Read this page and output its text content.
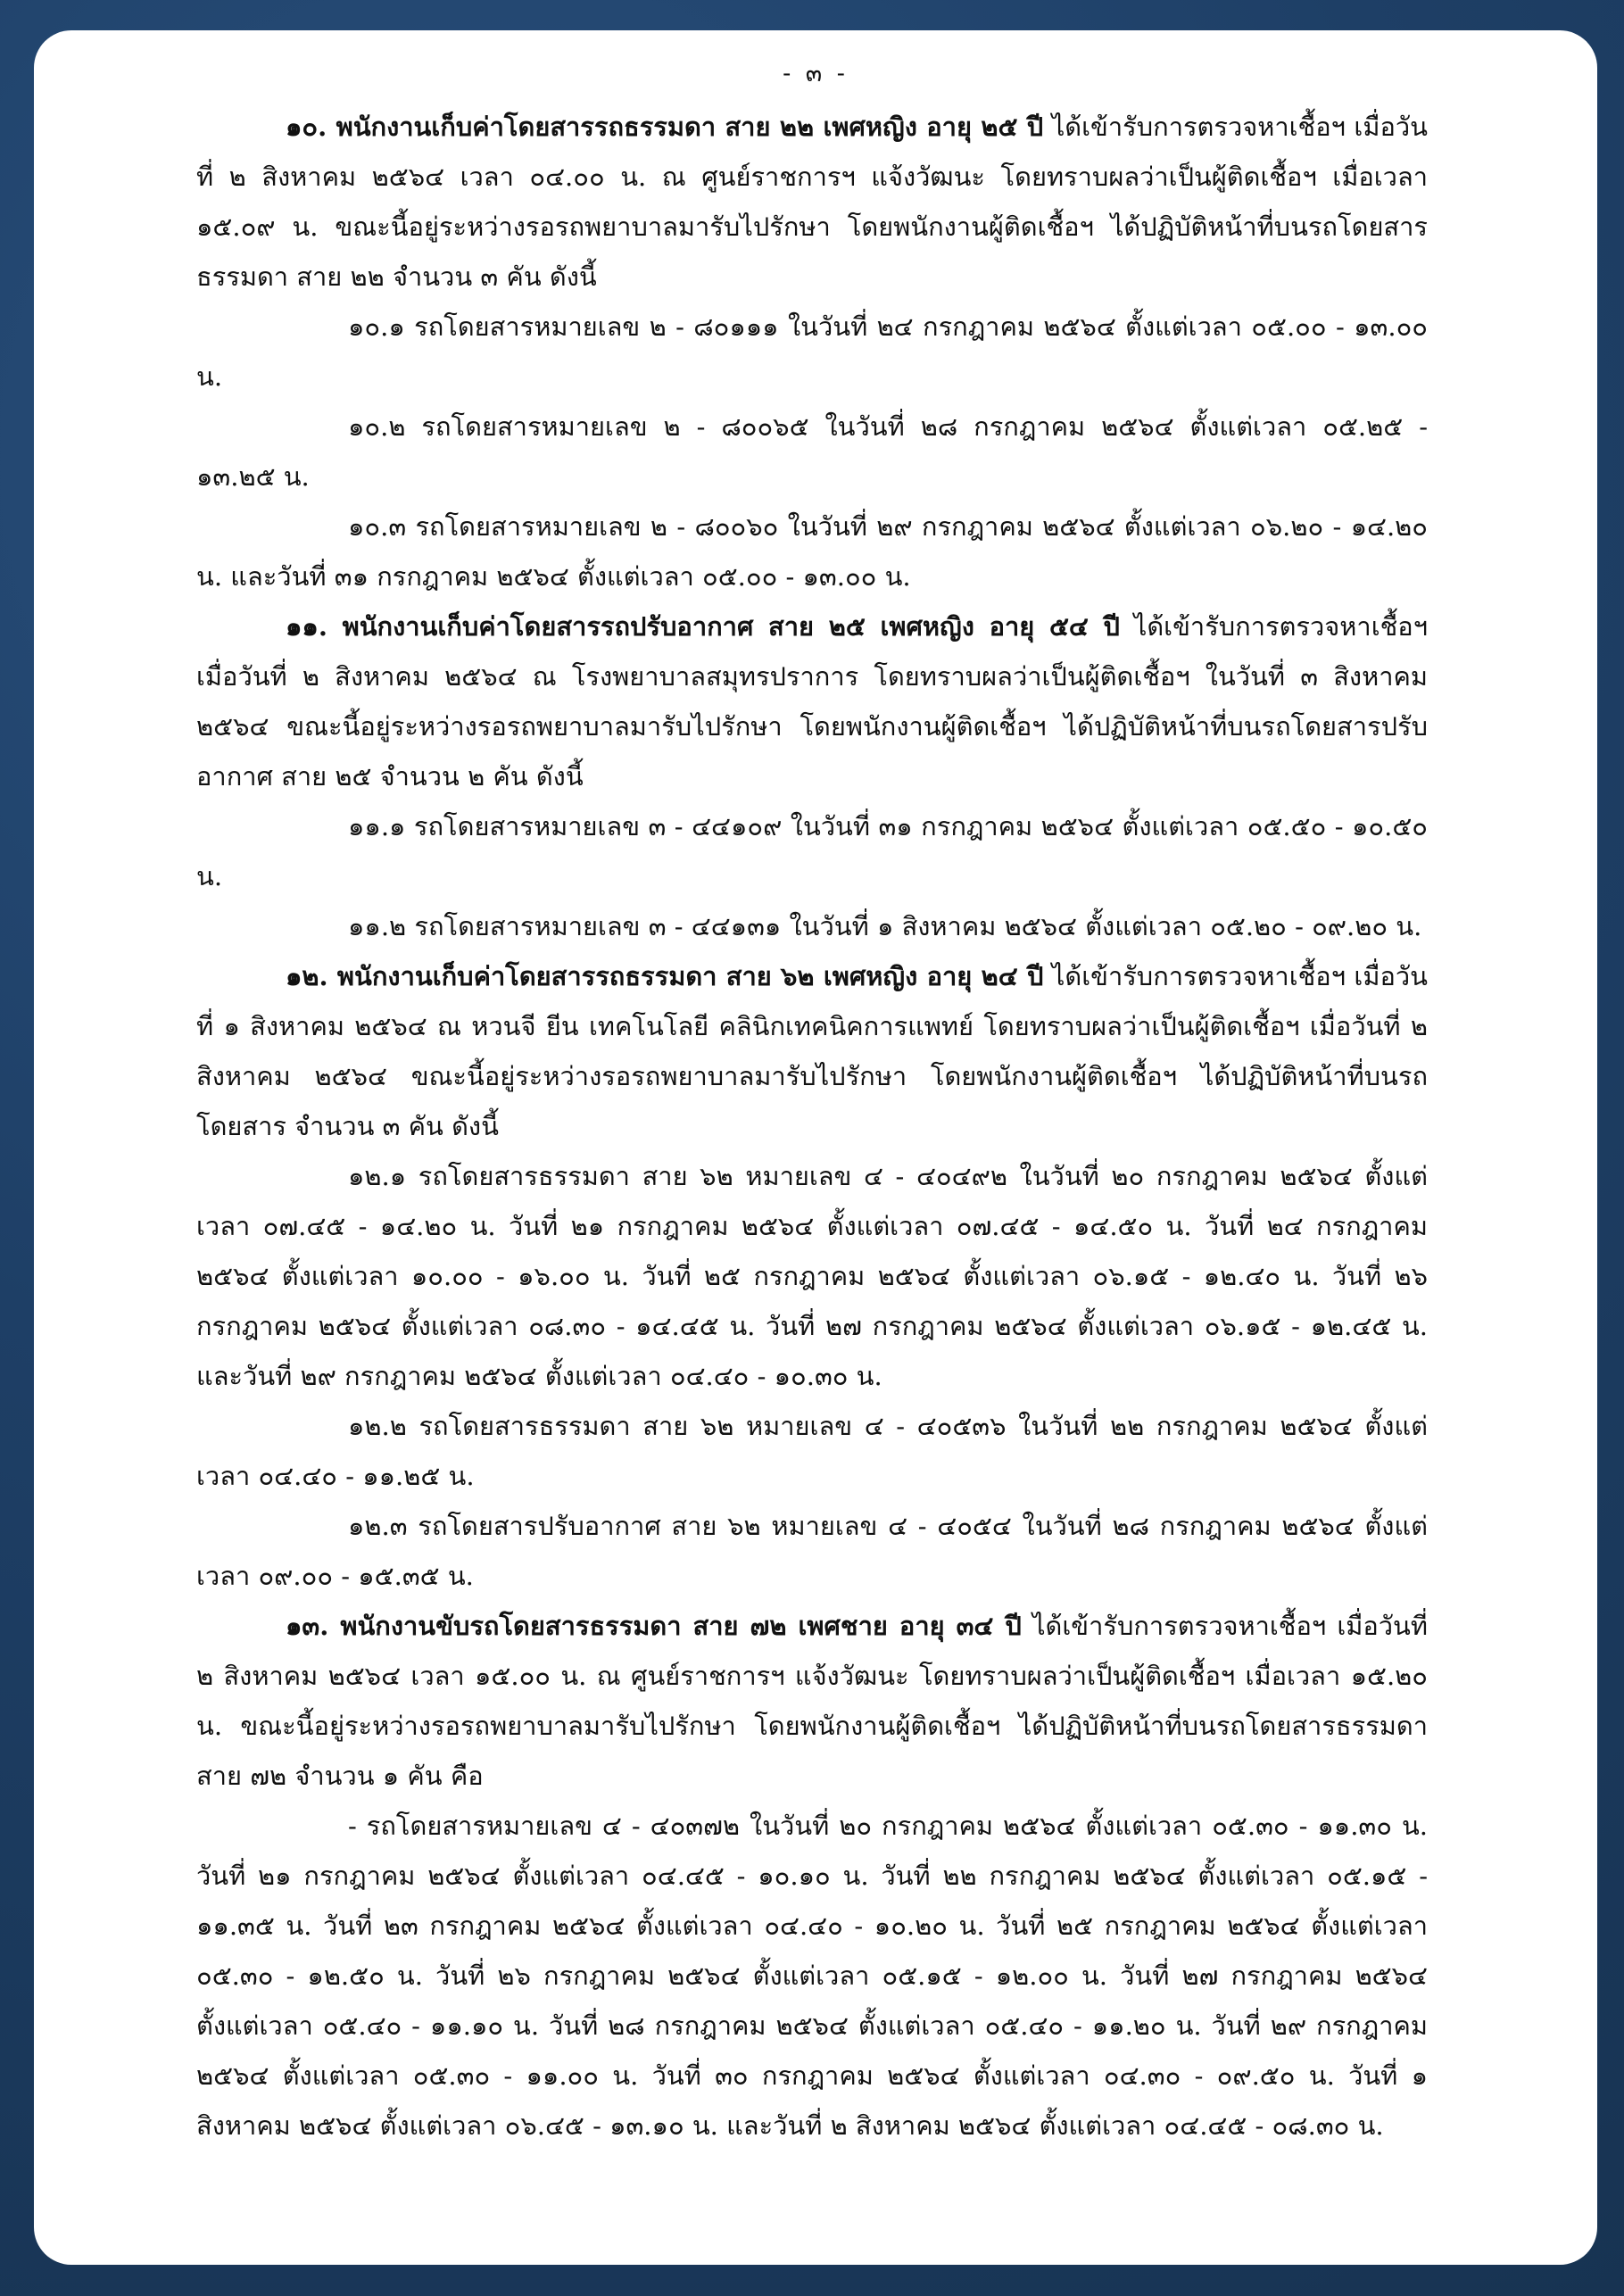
- ๓ -

๑๐. พนักงานเก็บค่าโดยสารรถธรรมดา สาย ๒๒ เพศหญิง อายุ ๒๕ ปี ได้เข้ารับการตรวจหาเชื้อฯ เมื่อวันที่ ๒ สิงหาคม ๒๕๖๔ เวลา ๐๔.๐๐ น. ณ ศูนย์ราชการฯ แจ้งวัฒนะ โดยทราบผลว่าเป็นผู้ติดเชื้อฯ เมื่อเวลา ๑๕.๐๙ น. ขณะนี้อยู่ระหว่างรอรถพยาบาลมารับไปรักษา โดยพนักงานผู้ติดเชื้อฯ ได้ปฏิบัติหน้าที่บนรถโดยสารธรรมดา สาย ๒๒ จำนวน ๓ คัน ดังนี้

๑๐.๑ รถโดยสารหมายเลข ๒ - ๘๐๑๑๑ ในวันที่ ๒๔ กรกฎาคม ๒๕๖๔ ตั้งแต่เวลา ๐๕.๐๐ - ๑๓.๐๐ น.

๑๐.๒ รถโดยสารหมายเลข ๒ - ๘๐๐๖๕ ในวันที่ ๒๘ กรกฎาคม ๒๕๖๔ ตั้งแต่เวลา ๐๕.๒๕ - ๑๓.๒๕ น.

๑๐.๓ รถโดยสารหมายเลข ๒ - ๘๐๐๖๐ ในวันที่ ๒๙ กรกฎาคม ๒๕๖๔ ตั้งแต่เวลา ๐๖.๒๐ - ๑๔.๒๐ น. และวันที่ ๓๑ กรกฎาคม ๒๕๖๔ ตั้งแต่เวลา ๐๕.๐๐ - ๑๓.๐๐ น.

๑๑. พนักงานเก็บค่าโดยสารรถปรับอากาศ สาย ๒๕ เพศหญิง อายุ ๕๔ ปี ได้เข้ารับการตรวจหาเชื้อฯ เมื่อวันที่ ๒ สิงหาคม ๒๕๖๔ ณ โรงพยาบาลสมุทรปราการ โดยทราบผลว่าเป็นผู้ติดเชื้อฯ ในวันที่ ๓ สิงหาคม ๒๕๖๔ ขณะนี้อยู่ระหว่างรอรถพยาบาลมารับไปรักษา โดยพนักงานผู้ติดเชื้อฯ ได้ปฏิบัติหน้าที่บนรถโดยสารปรับอากาศ สาย ๒๕ จำนวน ๒ คัน ดังนี้

๑๑.๑ รถโดยสารหมายเลข ๓ - ๔๔๑๐๙ ในวันที่ ๓๑ กรกฎาคม ๒๕๖๔ ตั้งแต่เวลา ๐๕.๕๐ - ๑๐.๕๐ น.

๑๑.๒ รถโดยสารหมายเลข ๓ - ๔๔๑๓๑ ในวันที่ ๑ สิงหาคม ๒๕๖๔ ตั้งแต่เวลา ๐๕.๒๐ - ๐๙.๒๐ น.

๑๒. พนักงานเก็บค่าโดยสารรถธรรมดา สาย ๖๒ เพศหญิง อายุ ๒๔ ปี ได้เข้ารับการตรวจหาเชื้อฯ เมื่อวันที่ ๑ สิงหาคม ๒๕๖๔ ณ หวนจี ยีน เทคโนโลยี คลินิกเทคนิคการแพทย์ โดยทราบผลว่าเป็นผู้ติดเชื้อฯ เมื่อวันที่ ๒ สิงหาคม ๒๕๖๔ ขณะนี้อยู่ระหว่างรอรถพยาบาลมารับไปรักษา โดยพนักงานผู้ติดเชื้อฯ ได้ปฏิบัติหน้าที่บนรถโดยสาร จำนวน ๓ คัน ดังนี้

๑๒.๑ รถโดยสารธรรมดา สาย ๖๒ หมายเลข ๔ - ๔๐๔๙๒ ในวันที่ ๒๐ กรกฎาคม ๒๕๖๔ ตั้งแต่เวลา ๐๗.๔๕ - ๑๔.๒๐ น. วันที่ ๒๑ กรกฎาคม ๒๕๖๔ ตั้งแต่เวลา ๐๗.๔๕ - ๑๔.๕๐ น. วันที่ ๒๔ กรกฎาคม ๒๕๖๔ ตั้งแต่เวลา ๑๐.๐๐ - ๑๖.๐๐ น. วันที่ ๒๕ กรกฎาคม ๒๕๖๔ ตั้งแต่เวลา ๐๖.๑๕ - ๑๒.๔๐ น. วันที่ ๒๖ กรกฎาคม ๒๕๖๔ ตั้งแต่เวลา ๐๘.๓๐ - ๑๔.๔๕ น. วันที่ ๒๗ กรกฎาคม ๒๕๖๔ ตั้งแต่เวลา ๐๖.๑๕ - ๑๒.๔๕ น. และวันที่ ๒๙ กรกฎาคม ๒๕๖๔ ตั้งแต่เวลา ๐๔.๔๐ - ๑๐.๓๐ น.

๑๒.๒ รถโดยสารธรรมดา สาย ๖๒ หมายเลข ๔ - ๔๐๕๓๖ ในวันที่ ๒๒ กรกฎาคม ๒๕๖๔ ตั้งแต่เวลา ๐๔.๔๐ - ๑๑.๒๕ น.

๑๒.๓ รถโดยสารปรับอากาศ สาย ๖๒ หมายเลข ๔ - ๔๐๕๔ ในวันที่ ๒๘ กรกฎาคม ๒๕๖๔ ตั้งแต่เวลา ๐๙.๐๐ - ๑๕.๓๕ น.

๑๓. พนักงานขับรถโดยสารธรรมดา สาย ๗๒ เพศชาย อายุ ๓๔ ปี ได้เข้ารับการตรวจหาเชื้อฯ เมื่อวันที่ ๒ สิงหาคม ๒๕๖๔ เวลา ๑๕.๐๐ น. ณ ศูนย์ราชการฯ แจ้งวัฒนะ โดยทราบผลว่าเป็นผู้ติดเชื้อฯ เมื่อเวลา ๑๕.๒๐ น. ขณะนี้อยู่ระหว่างรอรถพยาบาลมารับไปรักษา โดยพนักงานผู้ติดเชื้อฯ ได้ปฏิบัติหน้าที่บนรถโดยสารธรรมดา สาย ๗๒ จำนวน ๑ คัน คือ

- รถโดยสารหมายเลข ๔ - ๔๐๓๗๒ ในวันที่ ๒๐ กรกฎาคม ๒๕๖๔ ตั้งแต่เวลา ๐๕.๓๐ - ๑๑.๓๐ น. วันที่ ๒๑ กรกฎาคม ๒๕๖๔ ตั้งแต่เวลา ๐๔.๔๕ - ๑๐.๑๐ น. วันที่ ๒๒ กรกฎาคม ๒๕๖๔ ตั้งแต่เวลา ๐๕.๑๕ - ๑๑.๓๕ น. วันที่ ๒๓ กรกฎาคม ๒๕๖๔ ตั้งแต่เวลา ๐๔.๔๐ - ๑๐.๒๐ น. วันที่ ๒๕ กรกฎาคม ๒๕๖๔ ตั้งแต่เวลา ๐๕.๓๐ - ๑๒.๕๐ น. วันที่ ๒๖ กรกฎาคม ๒๕๖๔ ตั้งแต่เวลา ๐๕.๑๕ - ๑๒.๐๐ น. วันที่ ๒๗ กรกฎาคม ๒๕๖๔ ตั้งแต่เวลา ๐๕.๔๐ - ๑๑.๑๐ น. วันที่ ๒๘ กรกฎาคม ๒๕๖๔ ตั้งแต่เวลา ๐๕.๔๐ - ๑๑.๒๐ น. วันที่ ๒๙ กรกฎาคม ๒๕๖๔ ตั้งแต่เวลา ๐๕.๓๐ - ๑๑.๐๐ น. วันที่ ๓๐ กรกฎาคม ๒๕๖๔ ตั้งแต่เวลา ๐๔.๓๐ - ๐๙.๕๐ น. วันที่ ๑ สิงหาคม ๒๕๖๔ ตั้งแต่เวลา ๐๖.๔๕ - ๑๓.๑๐ น. และวันที่ ๒ สิงหาคม ๒๕๖๔ ตั้งแต่เวลา ๐๔.๔๕ - ๐๘.๓๐ น.
